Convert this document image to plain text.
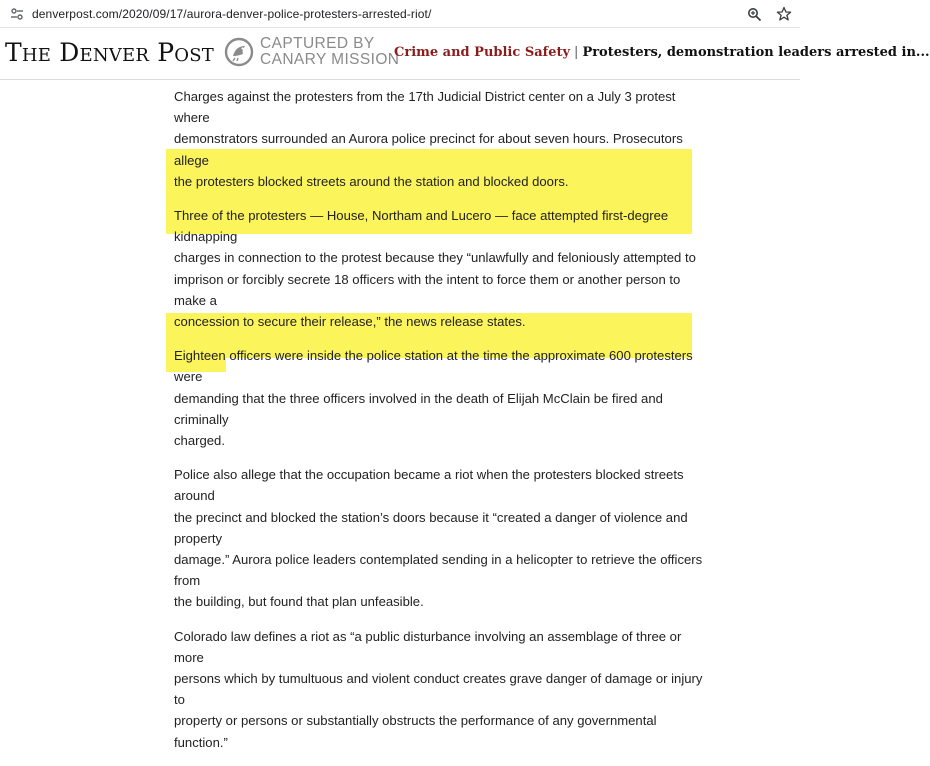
denverpost.com/2020/09/17/aurora-denver-police-protesters-arrested-riot/
The Denver Post	CAPTURED BY
CANARY MISSION
Crime and Public Safety | Protesters, demonstration leaders arrested in...

Charges against the protesters from the 17th Judicial District center on a July 3 protest where
demonstrators surrounded an Aurora police precinct for about seven hours. Prosecutors allege
the protesters blocked streets around the station and blocked doors.

Three of the protesters — House, Northam and Lucero — face attempted first-degree kidnapping
charges in connection to the protest because they “unlawfully and feloniously attempted to
imprison or forcibly secrete 18 officers with the intent to force them or another person to make a
concession to secure their release,” the news release states.

Eighteen officers were inside the police station at the time the approximate 600 protesters were
demanding that the three officers involved in the death of Elijah McClain be fired and criminally
charged.

Police also allege that the occupation became a riot when the protesters blocked streets around
the precinct and blocked the station’s doors because it “created a danger of violence and property
damage.” Aurora police leaders contemplated sending in a helicopter to retrieve the officers from
the building, but found that plan unfeasible.

Colorado law defines a riot as “a public disturbance involving an assemblage of three or more
persons which by tumultuous and violent conduct creates grave danger of damage or injury to
property or persons or substantially obstructs the performance of any governmental function.”
